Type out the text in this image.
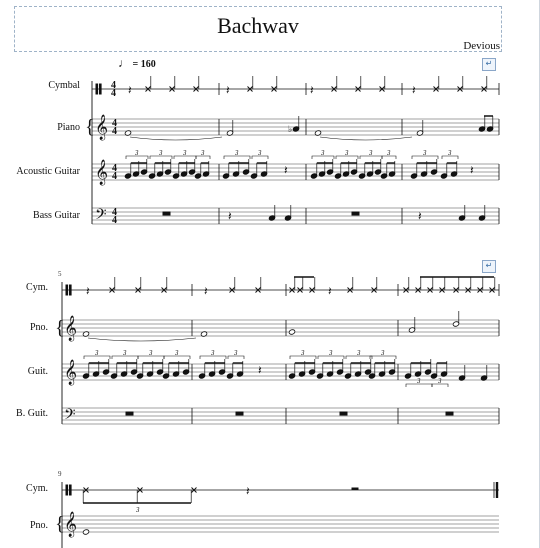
Bachwav
Devious
♩ = 160
Cymbal
Piano
Acoustic Guitar
Bass Guitar
Cym.
Pno.
Guit.
B. Guit.
Cym.
Pno.
5
9
↵
↵
4
4
{ 𝄞 4
4
𝄞 4
4
𝄢 4
4
𝄽	𝄽	𝄽	𝄽
♭
3	3	3 3	3	3
𝄽
3	3	3 3	3	3
𝄽
𝄽	𝄽
{ 𝄞
𝄞
𝄢
𝄽	𝄽	𝄽
3	3	3	3	3	3
𝄽
3	3	3	3
3	3
{ 𝄞
3
𝄽
